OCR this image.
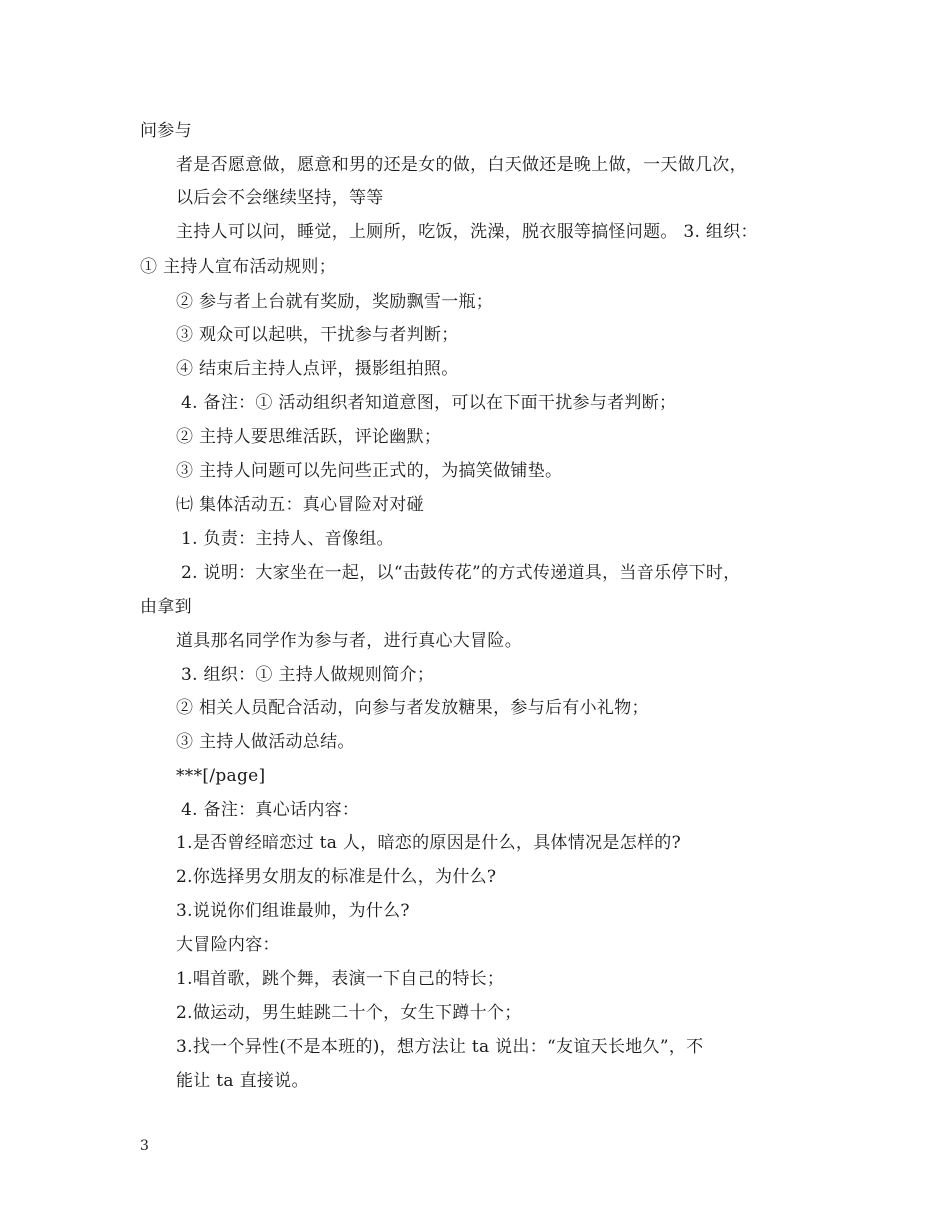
问参与
者是否愿意做，愿意和男的还是女的做，白天做还是晚上做，一天做几次，
以后会不会继续坚持，等等
主持人可以问，睡觉，上厕所，吃饭，洗澡，脱衣服等搞怪问题。 3. 组织：
① 主持人宣布活动规则；
② 参与者上台就有奖励，奖励飘雪一瓶；
③ 观众可以起哄，干扰参与者判断；
④ 结束后主持人点评，摄影组拍照。
4. 备注：① 活动组织者知道意图，可以在下面干扰参与者判断；
② 主持人要思维活跃，评论幽默；
③ 主持人问题可以先问些正式的，为搞笑做铺垫。
㈦ 集体活动五：真心冒险对对碰
1. 负责：主持人、音像组。
2. 说明：大家坐在一起，以“击鼓传花”的方式传递道具，当音乐停下时，
由拿到
道具那名同学作为参与者，进行真心大冒险。
3. 组织：① 主持人做规则简介；
② 相关人员配合活动，向参与者发放糖果，参与后有小礼物；
③ 主持人做活动总结。
***[/page]
4. 备注：真心话内容：
1.是否曾经暗恋过 ta 人，暗恋的原因是什么，具体情况是怎样的?
2.你选择男女朋友的标准是什么，为什么?
3.说说你们组谁最帅，为什么?
大冒险内容：
1.唱首歌，跳个舞，表演一下自己的特长；
2.做运动，男生蛙跳二十个，女生下蹲十个；
3.找一个异性(不是本班的)，想方法让 ta 说出：“友谊天长地久”，不
能让 ta 直接说。
3
